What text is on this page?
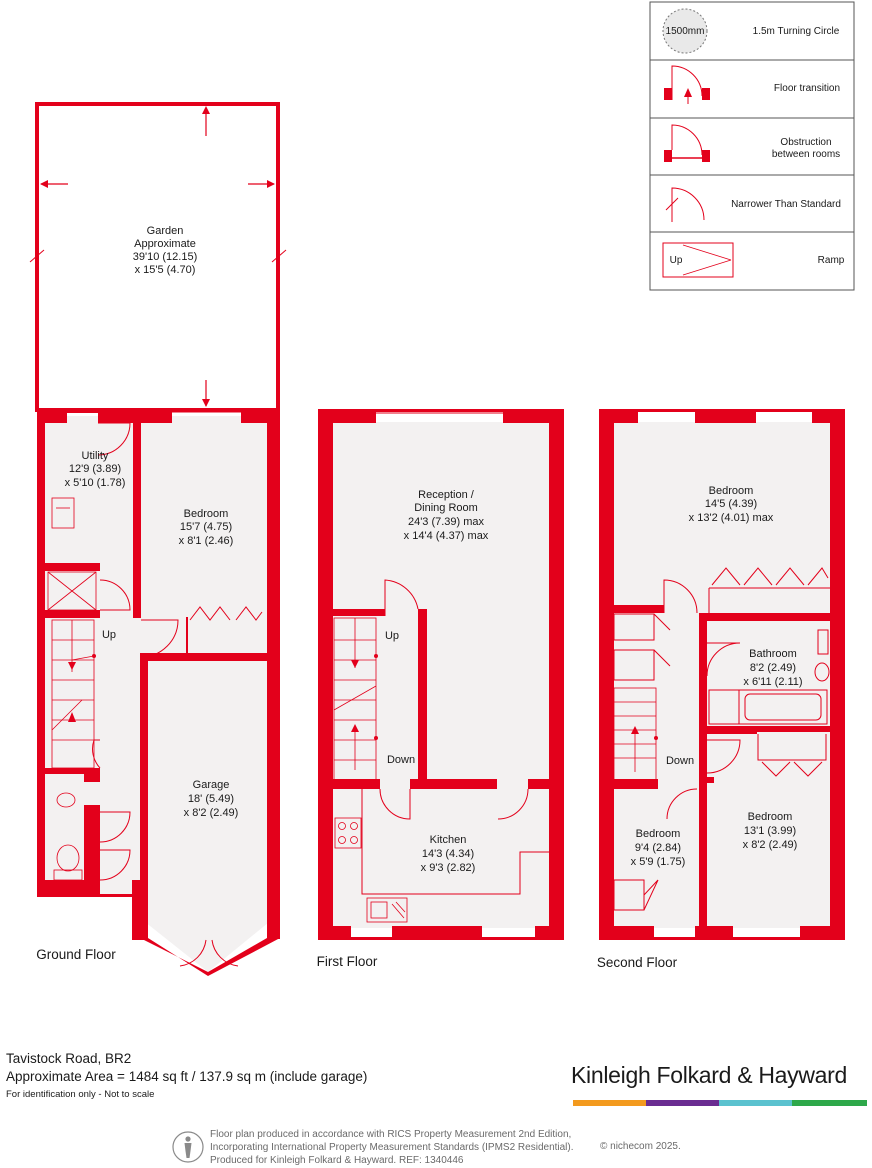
1500mm	1.5m Turning Circle
Floor transition
Obstruction
between rooms
Narrower Than Standard
Ramp
Up
Garden
Approximate
39'10 (12.15)
x 15'5 (4.70)
Utility
12'9 (3.89)
x 5'10 (1.78)
Bedroom
15'7 (4.75)
x 8'1 (2.46)
Garage
18' (5.49)
x 8'2 (2.49)
Up
Ground Floor
Reception /
Dining Room
24'3 (7.39) max
x 14'4 (4.37) max
Kitchen
14'3 (4.34)
x 9'3 (2.82)
Up
Down
First Floor
Bedroom
14'5 (4.39)
x 13'2 (4.01) max
Bathroom
8'2 (2.49)
x 6'11 (2.11)
Bedroom
9'4 (2.84)
x 5'9 (1.75)
Bedroom
13'1 (3.99)
x 8'2 (2.49)
Down
Second Floor
Tavistock Road, BR2
Approximate Area = 1484 sq ft / 137.9 sq m (include garage)
For identification only - Not to scale
Kinleigh Folkard & Hayward
Floor plan produced in accordance with RICS Property Measurement 2nd Edition,
Incorporating International Property Measurement Standards (IPMS2 Residential).
Produced for Kinleigh Folkard & Hayward. REF: 1340446
© nichecom 2025.
